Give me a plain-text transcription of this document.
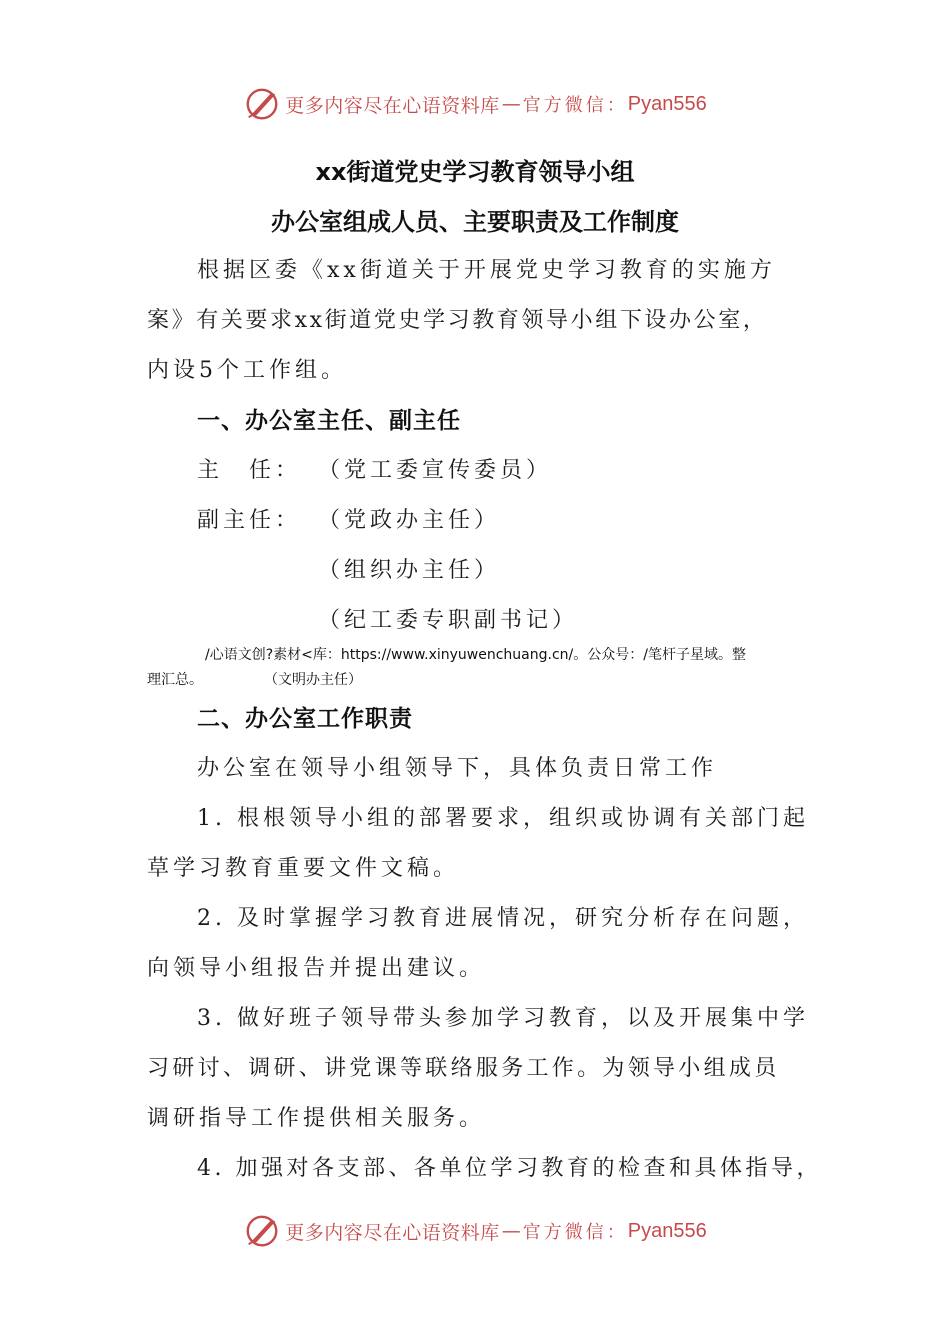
更多内容尽在心语资料库 — 官方微信： Pyan556
xx街道党史学习教育领导小组
办公室组成人员、主要职责及工作制度
根据区委《xx街道关于开展党史学习教育的实施方
案》有关要求xx街道党史学习教育领导小组下设办公室，
内设5个工作组。
一、办公室主任、副主任
主　任： （党工委宣传委员）
副主任： （党政办主任）
（组织办主任）
（纪工委专职副书记）
/心语文创?素材<库：https://www.xinyuwenchuang.cn/。公众号：/笔杆子星域。整
理汇总。	（文明办主任）
二、办公室工作职责
办公室在领导小组领导下，具体负责日常工作
1. 根根领导小组的部署要求，组织或协调有关部门起
草学习教育重要文件文稿。
2. 及时掌握学习教育进展情况，研究分析存在问题，
向领导小组报告并提出建议。
3. 做好班子领导带头参加学习教育，以及开展集中学
习研讨、调研、讲党课等联络服务工作。为领导小组成员
调研指导工作提供相关服务。
4. 加强对各支部、各单位学习教育的检查和具体指导，
更多内容尽在心语资料库 — 官方微信： Pyan556
